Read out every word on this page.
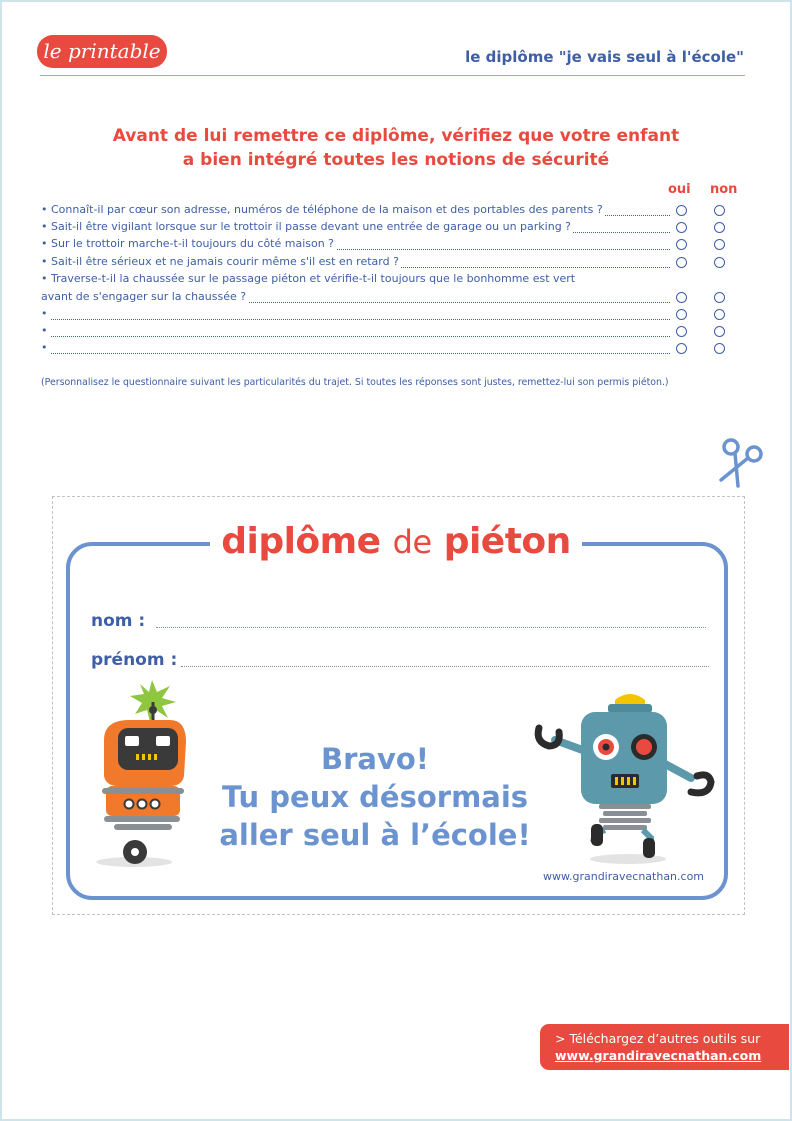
le printable	le diplôme "je vais seul à l'école"
Avant de lui remettre ce diplôme, vérifiez que votre enfant
a bien intégré toutes les notions de sécurité
oui non
• Connaît-il par cœur son adresse, numéros de téléphone de la maison et des portables des parents ?
• Sait-il être vigilant lorsque sur le trottoir il passe devant une entrée de garage ou un parking ?
• Sur le trottoir marche-t-il toujours du côté maison ?
• Sait-il être sérieux et ne jamais courir même s'il est en retard ?
• Traverse-t-il la chaussée sur le passage piéton et vérifie-t-il toujours que le bonhomme est vert
avant de s'engager sur la chaussée ?
•
•
•
(Personnalisez le questionnaire suivant les particularités du trajet. Si toutes les réponses sont justes, remettez-lui son permis piéton.)
diplôme de piéton
nom :
prénom :
Bravo!
Tu peux désormais
aller seul à l’école!
www.grandiravecnathan.com
> Téléchargez d’autres outils sur
www.grandiravecnathan.com
